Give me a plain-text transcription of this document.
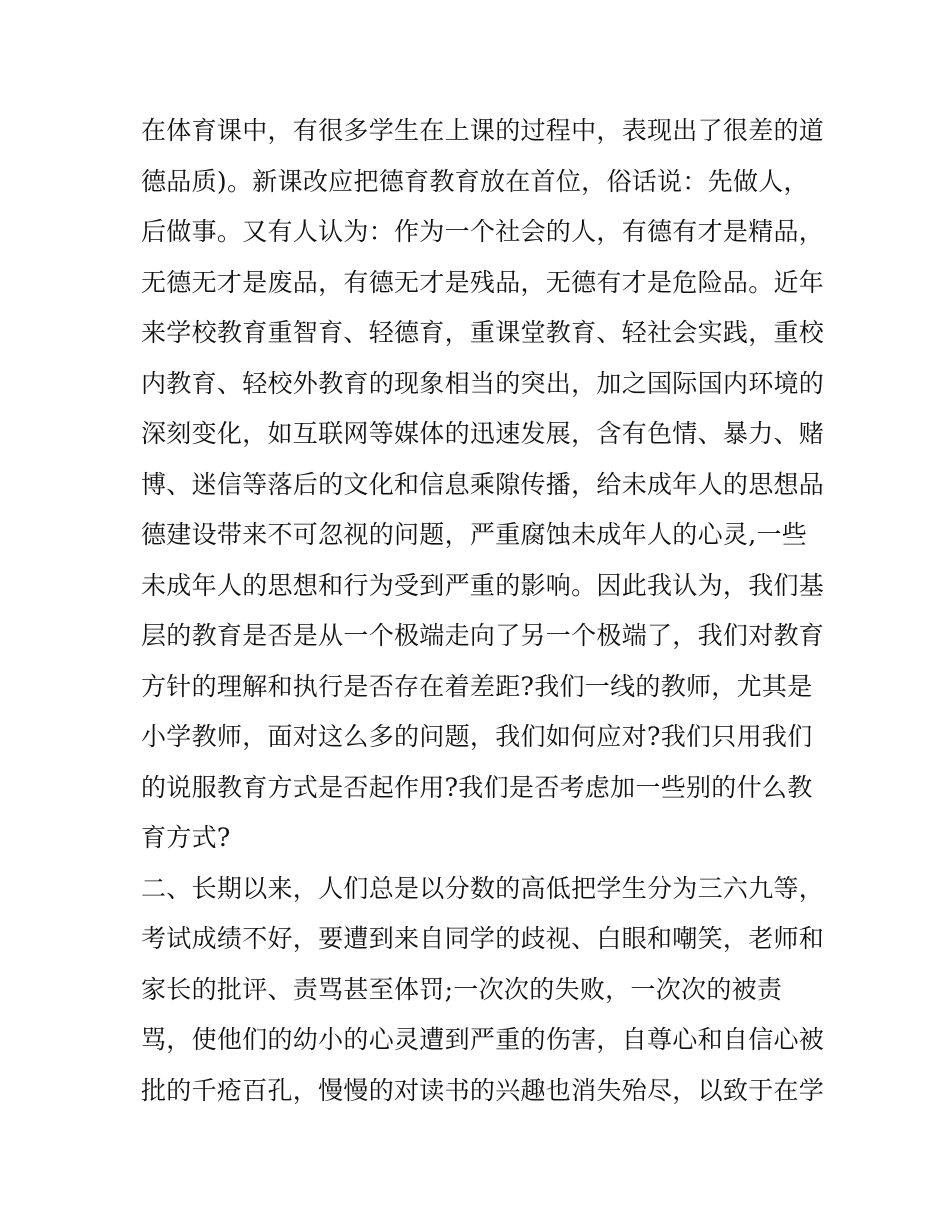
在体育课中，有很多学生在上课的过程中，表现出了很差的道
德品质)。新课改应把德育教育放在首位，俗话说：先做人，
后做事。又有人认为：作为一个社会的人，有德有才是精品，
无德无才是废品，有德无才是残品，无德有才是危险品。近年
来学校教育重智育、轻德育，重课堂教育、轻社会实践，重校
内教育、轻校外教育的现象相当的突出，加之国际国内环境的
深刻变化，如互联网等媒体的迅速发展，含有色情、暴力、赌
博、迷信等落后的文化和信息乘隙传播，给未成年人的思想品
德建设带来不可忽视的问题，严重腐蚀未成年人的心灵,一些
未成年人的思想和行为受到严重的影响。因此我认为，我们基
层的教育是否是从一个极端走向了另一个极端了，我们对教育
方针的理解和执行是否存在着差距?我们一线的教师，尤其是
小学教师，面对这么多的问题，我们如何应对?我们只用我们
的说服教育方式是否起作用?我们是否考虑加一些别的什么教
育方式?
二、长期以来，人们总是以分数的高低把学生分为三六九等，
考试成绩不好，要遭到来自同学的歧视、白眼和嘲笑，老师和
家长的批评、责骂甚至体罚;一次次的失败，一次次的被责
骂，使他们的幼小的心灵遭到严重的伤害，自尊心和自信心被
批的千疮百孔，慢慢的对读书的兴趣也消失殆尽，以致于在学
